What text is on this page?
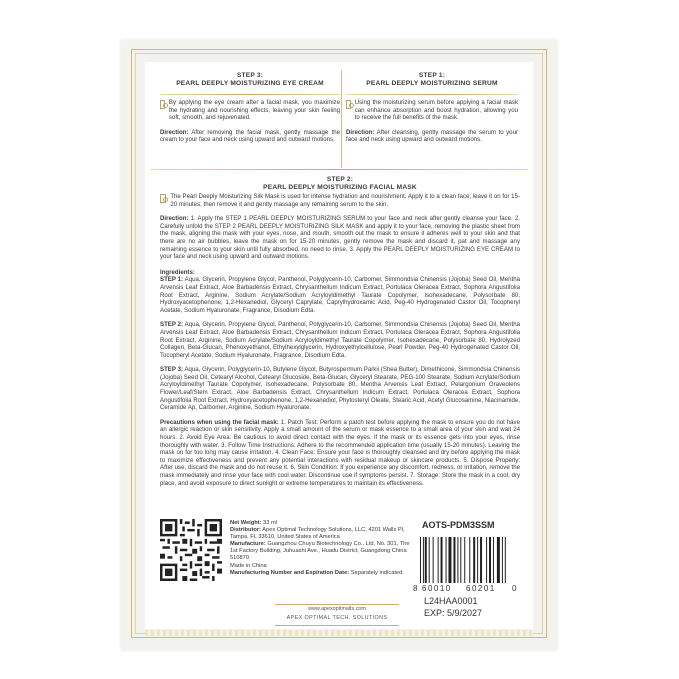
STEP 3:
PEARL DEEPLY MOISTURIZING EYE CREAM
By applying the eye cream after a facial mask, you maximize the hydrating and nourishing effects, leaving your skin feeling soft, smooth, and rejuvenated.
Direction: After removing the facial mask, gently massage the cream to your face and neck using upward and outward motions.
STEP 1:
PEARL DEEPLY MOISTURIZING SERUM
Using the moisturizing serum before applying a facial mask can enhance absorption and boost hydration, allowing you to receive the full benefits of the mask.
Direction: After cleansing, gently massage the serum to your face and neck using upward and outward motions.
STEP 2:
PEARL DEEPLY MOISTURIZING FACIAL MASK
The Pearl Deeply Moisturizing Silk Mask is used for intense hydration and nourishment. Apply it to a clean face, leave it on for 15-20 minutes, then remove it and gently massage any remaining serum to the skin.
Direction: 1. Apply the STEP 1 PEARL DEEPLY MOISTURIZING SERUM to your face and neck after gently cleanse your face. 2. Carefully unfold the STEP 2 PEARL DEEPLY MOISTURIZING SILK MASK and apply it to your face, removing the plastic sheet from the mask, aligning the mask with your eyes, nose, and mouth, smooth out the mask to ensure it adheres well to your skin and that there are no air bubbles, leave the mask on for 15-20 minutes, gently remove the mask and discard it, pat and massage any remaining essence to your skin until fully absorbed, no need to rinse. 3. Apply the PEARL DEEPLY MOISTURIZING EYE CREAM to your face and neck using upward and outward motions.
Ingredients:
STEP 1: Aqua, Glycerin, Propylene Glycol, Panthenol, Polyglycerin-10, Carbomer, Simmondsia Chinensis (Jojoba) Seed Oil, Mentha Arvensis Leaf Extract, Aloe Barbadensis Extract, Chrysanthellum Indicum Extract, Portulaca Oleracea Extract, Sophora Angustifolia Root Extract, Arginine, Sodium Acrylate/Sodium Acryloyldimethyl Taurate Copolymer, Isohexadecane, Polysorbate 80, Hydroxyacetophenone, 1,2-Hexanediol, Glyceryl Caprylate, Caprylhydroxamic Acid, Peg-40 Hydrogenated Castor Oil, Tocopheryl Acetate, Sodium Hyaluronate, Fragrance, Disodium Edta.
STEP 2: Aqua, Glycerin, Propylene Glycol, Panthenol, Polyglycerin-10, Carbomer, Simmondsia Chinensis (Jojoba) Seed Oil, Mentha Arvensis Leaf Extract, Aloe Barbadensis Extract, Chrysanthellum Indicum Extract, Portulaca Oleracea Extract, Sophora Angustifolia Root Extract, Arginine, Sodium Acrylate/Sodium Acryloyldimethyl Taurate Copolymer, Isohexadecane, Polysorbate 80, Hydrolyzed Collagen, Beta-Glucan, Phenoxyethanol, Ethylhexylglycerin, Hydroxyethylcellulose, Pearl Powder, Peg-40 Hydrogenated Castor Oil, Tocopheryl Acetate, Sodium Hyaluronate, Fragrance, Disodium Edta.
STEP 3: Aqua, Glycerin, Polyglycerin-10, Butylene Glycol, Butyrospermum Parkii (Shea Butter), Dimethicone, Simmondsia Chinensis (Jojoba) Seed Oil, Cetearyl Alcohol, Cetearyl Glucoside, Beta-Glucan, Glyceryl Stearate, PEG-100 Stearate, Sodium Acrylate/Sodium Acryloyldimethyl Taurate Copolymer, Isohexadecane, Polysorbate 80, Mentha Arvensis Leaf Extract, Pelargonium Graveolens Flower/Leaf/Stem Extract, Aloe Barbadensis Extract, Chrysanthellum Indicum Extract, Portulaca Oleracea Extract, Sophora Angustifolia Root Extract, Hydroxyacetophenone, 1,2-Hexanediol, Phytosteryl Oleate, Stearic Acid, Acetyl Glucosamine, Niacinamide, Ceramide Ap, Carbomer, Arginine, Sodium Hyaluronate.
Precautions when using the facial mask: 1. Patch Test: Perform a patch test before applying the mask to ensure you do not have an allergic reaction or skin sensitivity. Apply a small amount of the serum or mask essence to a small area of your skin and wait 24 hours. 2. Avoid Eye Area: Be cautious to avoid direct contact with the eyes. If the mask or its essence gets into your eyes, rinse thoroughly with water. 3. Follow Time Instructions: Adhere to the recommended application time (usually 15-20 minutes). Leaving the mask on for too long may cause irritation. 4. Clean Face: Ensure your face is thoroughly cleansed and dry before applying the mask to maximize effectiveness and prevent any potential interactions with residual makeup or skincare products. 5. Dispose Properly: After use, discard the mask and do not reuse it. 6. Skin Condition: If you experience any discomfort, redness, or irritation, remove the mask immediately and rinse your face with cool water. Discontinue use if symptoms persist. 7. Storage: Store the mask in a cool, dry place, and avoid exposure to direct sunlight or extreme temperatures to maintain its effectiveness.
Net Weight: 33 ml
Distributor: Apex Optimal Technology Solutions, LLC, 4201 Walls Pl, Tampa, FL 33610, United States of America
Manufacture: Guangzhou Chuyu Biotechnology Co., Ltd, No. 301, The 1st Factory Building, Juhuashi Ave., Huadu District, Guangdong China 510870
Made in China
Manufacturing Number and Expiration Date: Separately indicated.
AOTS-PDM3SSM
8 60010 60201 0
L24HAA0001
EXP: 5/9/2027
www.apexoptimalts.com
APEX OPTIMAL TECH. SOLUTIONS
